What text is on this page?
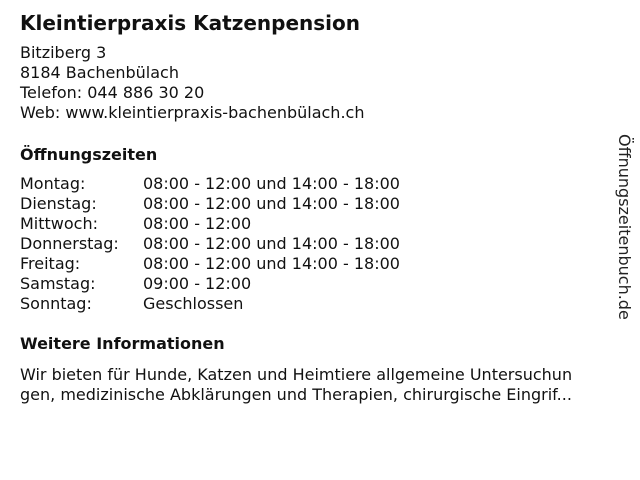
Kleintierpraxis Katzenpension
Bitziberg 3
8184 Bachenbülach
Telefon: 044 886 30 20
Web: www.kleintierpraxis-bachenbülach.ch
Öffnungszeiten
Montag:	08:00 - 12:00 und 14:00 - 18:00
Dienstag:	08:00 - 12:00 und 14:00 - 18:00
Mittwoch:	08:00 - 12:00
Donnerstag:	08:00 - 12:00 und 14:00 - 18:00
Freitag:	08:00 - 12:00 und 14:00 - 18:00
Samstag:	09:00 - 12:00
Sonntag:	Geschlossen
Weitere Informationen
Wir bieten für Hunde, Katzen und Heimtiere allgemeine Untersuchun
gen, medizinische Abklärungen und Therapien, chirurgische Eingrif...
Öffnungszeitenbuch.de
